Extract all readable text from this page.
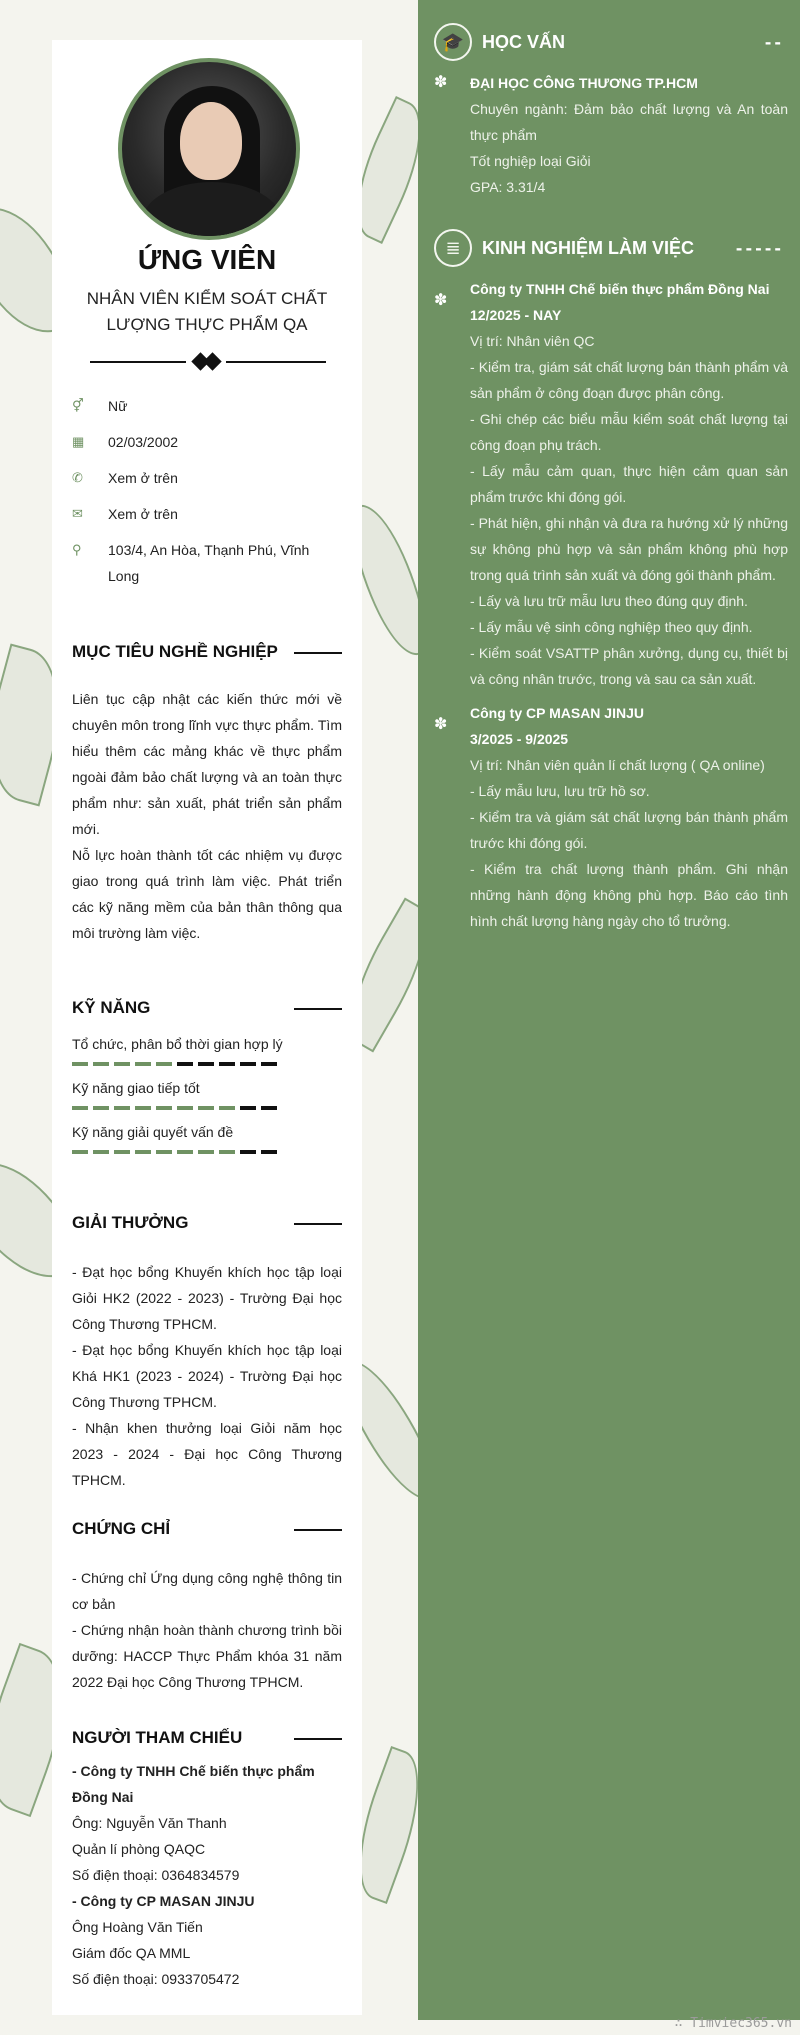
ỨNG VIÊN
NHÂN VIÊN KIỂM SOÁT CHẤT LƯỢNG THỰC PHẨM QA
⚥	Nữ
▦	02/03/2002
✆	Xem ở trên
✉	Xem ở trên
⚲	103/4, An Hòa, Thạnh Phú, Vĩnh Long
MỤC TIÊU NGHỀ NGHIỆP
Liên tục cập nhật các kiến thức mới về chuyên môn trong lĩnh vực thực phẩm. Tìm hiểu thêm các mảng khác về thực phẩm ngoài đảm bảo chất lượng và an toàn thực phẩm như: sản xuất, phát triển sản phẩm mới.
Nỗ lực hoàn thành tốt các nhiệm vụ được giao trong quá trình làm việc. Phát triển các kỹ năng mềm của bản thân thông qua môi trường làm việc.
KỸ NĂNG
Tổ chức, phân bổ thời gian hợp lý
Kỹ năng giao tiếp tốt
Kỹ năng giải quyết vấn đề
GIẢI THƯỞNG
- Đạt học bổng Khuyến khích học tập loại Giỏi HK2 (2022 - 2023) - Trường Đại học Công Thương TPHCM.
- Đạt học bổng Khuyến khích học tập loại Khá HK1 (2023 - 2024) - Trường Đại học Công Thương TPHCM.
- Nhận khen thưởng loại Giỏi năm học 2023 - 2024 - Đại học Công Thương TPHCM.
CHỨNG CHỈ
- Chứng chỉ Ứng dụng công nghệ thông tin cơ bản
- Chứng nhận hoàn thành chương trình bồi dưỡng: HACCP Thực Phẩm khóa 31 năm 2022 Đại học Công Thương TPHCM.
NGƯỜI THAM CHIẾU
- Công ty TNHH Chế biến thực phẩm Đồng Nai
Ông: Nguyễn Văn Thanh
Quản lí phòng QAQC
Số điện thoại: 0364834579
- Công ty CP MASAN JINJU
Ông Hoàng Văn Tiến
Giám đốc QA MML
Số điện thoại: 0933705472
🎓 HỌC VẤN	--
✽ ĐẠI HỌC CÔNG THƯƠNG TP.HCM
Chuyên ngành: Đảm bảo chất lượng và An toàn thực phẩm
Tốt nghiệp loại Giỏi
GPA: 3.31/4
≣	KINH NGHIỆM LÀM VIỆC	-----
✽
Công ty TNHH Chế biến thực phẩm Đồng Nai
12/2025 - NAY
Vị trí: Nhân viên QC
- Kiểm tra, giám sát chất lượng bán thành phẩm và sản phẩm ở công đoạn được phân công.
- Ghi chép các biểu mẫu kiểm soát chất lượng tại công đoạn phụ trách.
- Lấy mẫu cảm quan, thực hiện cảm quan sản phẩm trước khi đóng gói.
- Phát hiện, ghi nhận và đưa ra hướng xử lý những sự không phù hợp và sản phẩm không phù hợp trong quá trình sản xuất và đóng gói thành phẩm.
- Lấy và lưu trữ mẫu lưu theo đúng quy định.
- Lấy mẫu vệ sinh công nghiệp theo quy định.
- Kiểm soát VSATTP phân xưởng, dụng cụ, thiết bị và công nhân trước, trong và sau ca sản xuất.
✽
Công ty CP MASAN JINJU
3/2025 - 9/2025
Vị trí: Nhân viên quản lí chất lượng ( QA online)
- Lấy mẫu lưu, lưu trữ hồ sơ.
- Kiểm tra và giám sát chất lượng bán thành phẩm trước khi đóng gói.
- Kiểm tra chất lượng thành phẩm. Ghi nhận những hành động không phù hợp. Báo cáo tình hình chất lượng hàng ngày cho tổ trưởng.
∴ Timviec365.vn
